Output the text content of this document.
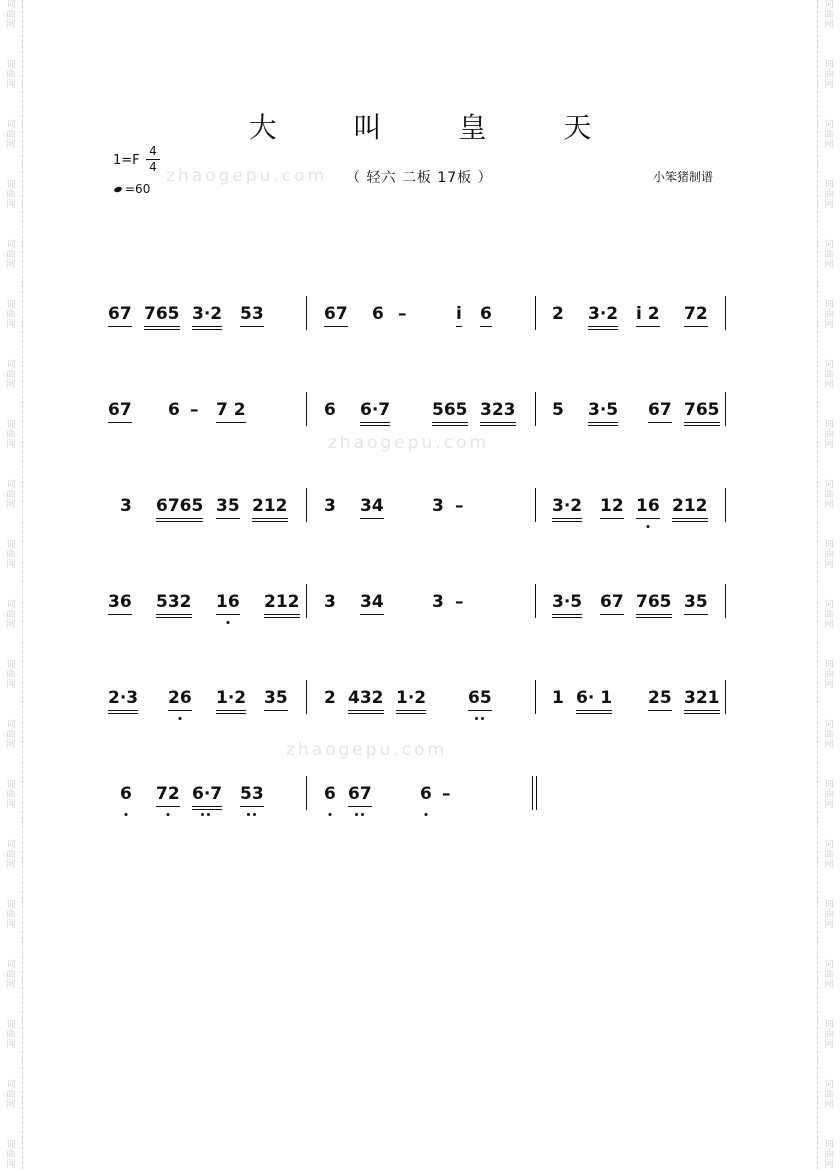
词
曲
网
词
曲
网
词
曲
网
词
曲
网
词
曲
网
词
曲
网
词
曲
网
词
曲
网
词
曲
网
词
曲
网
词
曲
网
词
曲
网
词
曲
网
词
曲
网
词
曲
网
词
曲
网
词
曲
网
词
曲
网
词
曲
网
词
曲
网
词
曲
网
词
曲
网
词
曲
网
词
曲
网
词
曲
网
词
曲
网
词
曲
网
词
曲
网
词
曲
网
词
曲
网
词
曲
网
词
曲
网
词
曲
网
词
曲
网
词
曲
网
词
曲
网
词
曲
网
词
曲
网
词
曲
网
词
曲
网
zhaogepu.com
zhaogepu.com
zhaogepu.com
大 叫 皇 天
1=F
4
4
=60
（ 轻六 二板 17板 ）	小笨猪制谱
67 765 3·2 53	67 6 –	i 6	2 3·2 i 2 72
67 6 – 7 2	6 6·7 565 323 5 3·5 67 765
3 6765 35 212 3 34	3 –	3·2 12 16 212
36 532 16 212 3 34	3 –	3·5 67 765 35
2·3 26 1·2 35 2 432 1·2 65	1 6· 1 25 321
6 72 6·7 53	6 67	6 –
